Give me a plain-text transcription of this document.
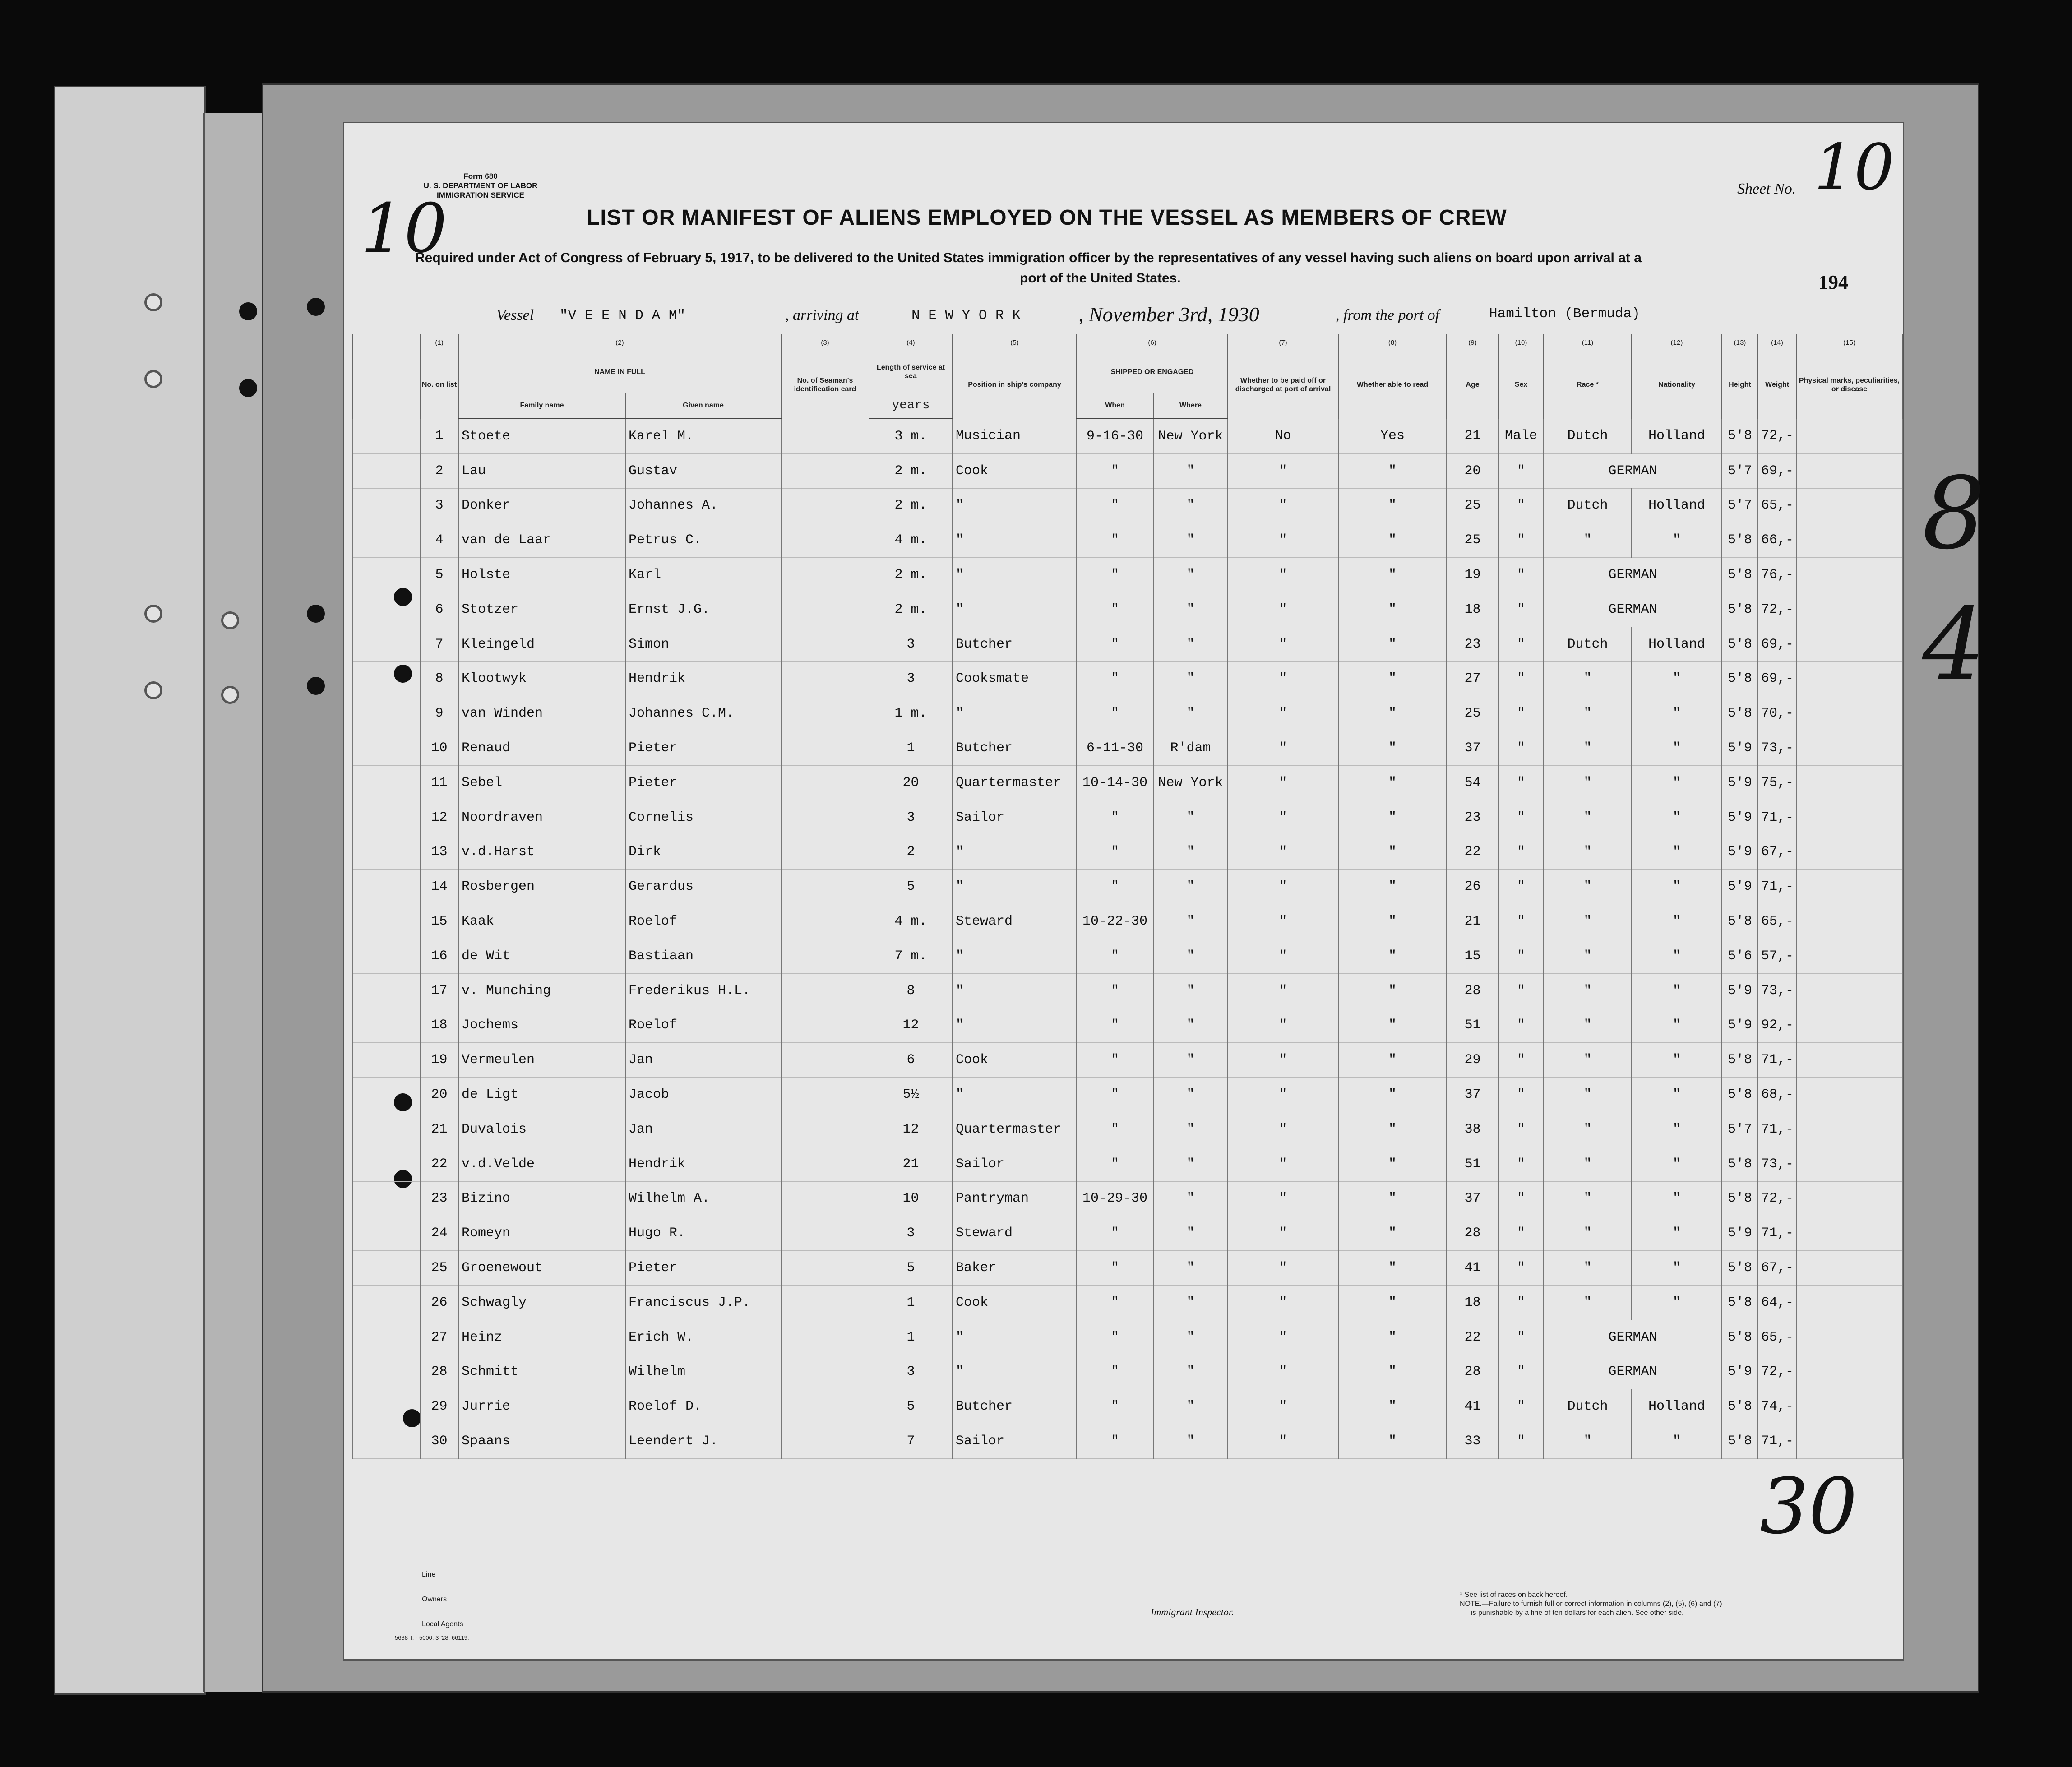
Form 680
U. S. DEPARTMENT OF LABOR
IMMIGRATION SERVICE	Sheet No. 10
10	LIST OR MANIFEST OF ALIENS EMPLOYED ON THE VESSEL AS MEMBERS OF CREW
Required under Act of Congress of February 5, 1917, to be delivered to the United States immigration officer by the representatives of any vessel having such aliens on board upon arrival at a
port of the United States.	194
Vessel "V E E N D A M"	, arriving at	N E W Y O R K	, November 3rd, 1930	, from the port of	Hamilton (Bermuda)
	(1)	(2)		(3)	(4)	(5)	(6)		(7)	(8)	(9)	(10)	(11)	(12)	(13)	(14)	(15)
	No. on list	NAME IN FULL		No. of Seaman's identification card	Length of service at sea	Position in ship's company	SHIPPED OR ENGAGED		Whether to be paid off or discharged at port of arrival	Whether able to read	Age	Sex	Race *	Nationality	Height	Weight	Physical marks, peculiarities, or disease
		Family name	Given name		years		When	Where									
	1	Stoete	Karel M.		3 m.	Musician	9-16-30	New York	No	Yes	21	Male	Dutch	Holland	5'8	72,-	
	2	Lau	Gustav		2 m.	Cook	"	"	"	"	20	"	GERMAN		5'7	69,-	
	3	Donker	Johannes A.		2 m.	"	"	"	"	"	25	"	Dutch	Holland	5'7	65,-	
	4	van de Laar	Petrus C.		4 m.	"	"	"	"	"	25	"	"	"	5'8	66,-	
	5	Holste	Karl		2 m.	"	"	"	"	"	19	"	GERMAN		5'8	76,-	
	6	Stotzer	Ernst J.G.		2 m.	"	"	"	"	"	18	"	GERMAN		5'8	72,-	
	7	Kleingeld	Simon		3	Butcher	"	"	"	"	23	"	Dutch	Holland	5'8	69,-	
	8	Klootwyk	Hendrik		3	Cooksmate	"	"	"	"	27	"	"	"	5'8	69,-	
	9	van Winden	Johannes C.M.		1 m.	"	"	"	"	"	25	"	"	"	5'8	70,-	
	10	Renaud	Pieter		1	Butcher	6-11-30	R'dam	"	"	37	"	"	"	5'9	73,-	
	11	Sebel	Pieter		20	Quartermaster	10-14-30	New York	"	"	54	"	"	"	5'9	75,-	
	12	Noordraven	Cornelis		3	Sailor	"	"	"	"	23	"	"	"	5'9	71,-	
	13	v.d.Harst	Dirk		2	"	"	"	"	"	22	"	"	"	5'9	67,-	
	14	Rosbergen	Gerardus		5	"	"	"	"	"	26	"	"	"	5'9	71,-	
	15	Kaak	Roelof		4 m.	Steward	10-22-30	"	"	"	21	"	"	"	5'8	65,-	
	16	de Wit	Bastiaan		7 m.	"	"	"	"	"	15	"	"	"	5'6	57,-	
	17	v. Munching	Frederikus H.L.		8	"	"	"	"	"	28	"	"	"	5'9	73,-	
	18	Jochems	Roelof		12	"	"	"	"	"	51	"	"	"	5'9	92,-	
	19	Vermeulen	Jan		6	Cook	"	"	"	"	29	"	"	"	5'8	71,-	
	20	de Ligt	Jacob		5½	"	"	"	"	"	37	"	"	"	5'8	68,-	
	21	Duvalois	Jan		12	Quartermaster	"	"	"	"	38	"	"	"	5'7	71,-	
	22	v.d.Velde	Hendrik		21	Sailor	"	"	"	"	51	"	"	"	5'8	73,-	
	23	Bizino	Wilhelm A.		10	Pantryman	10-29-30	"	"	"	37	"	"	"	5'8	72,-	
	24	Romeyn	Hugo R.		3	Steward	"	"	"	"	28	"	"	"	5'9	71,-	
	25	Groenewout	Pieter		5	Baker	"	"	"	"	41	"	"	"	5'8	67,-	
	26	Schwagly	Franciscus J.P.		1	Cook	"	"	"	"	18	"	"	"	5'8	64,-	
	27	Heinz	Erich W.		1	"	"	"	"	"	22	"	GERMAN		5'8	65,-	
	28	Schmitt	Wilhelm		3	"	"	"	"	"	28	"	GERMAN		5'9	72,-	
	29	Jurrie	Roelof D.		5	Butcher	"	"	"	"	41	"	Dutch	Holland	5'8	74,-	
	30	Spaans	Leendert J.		7	Sailor	"	"	"	"	33	"	"	"	5'8	71,-	
8
4
30
Line
Owners
Local Agents
5688 T. - 5000. 3-'28. 66119.
Immigrant Inspector.
* See list of races on back hereof.
NOTE.—Failure to furnish full or correct information in columns (2), (5), (6) and (7)
is punishable by a fine of ten dollars for each alien. See other side.
